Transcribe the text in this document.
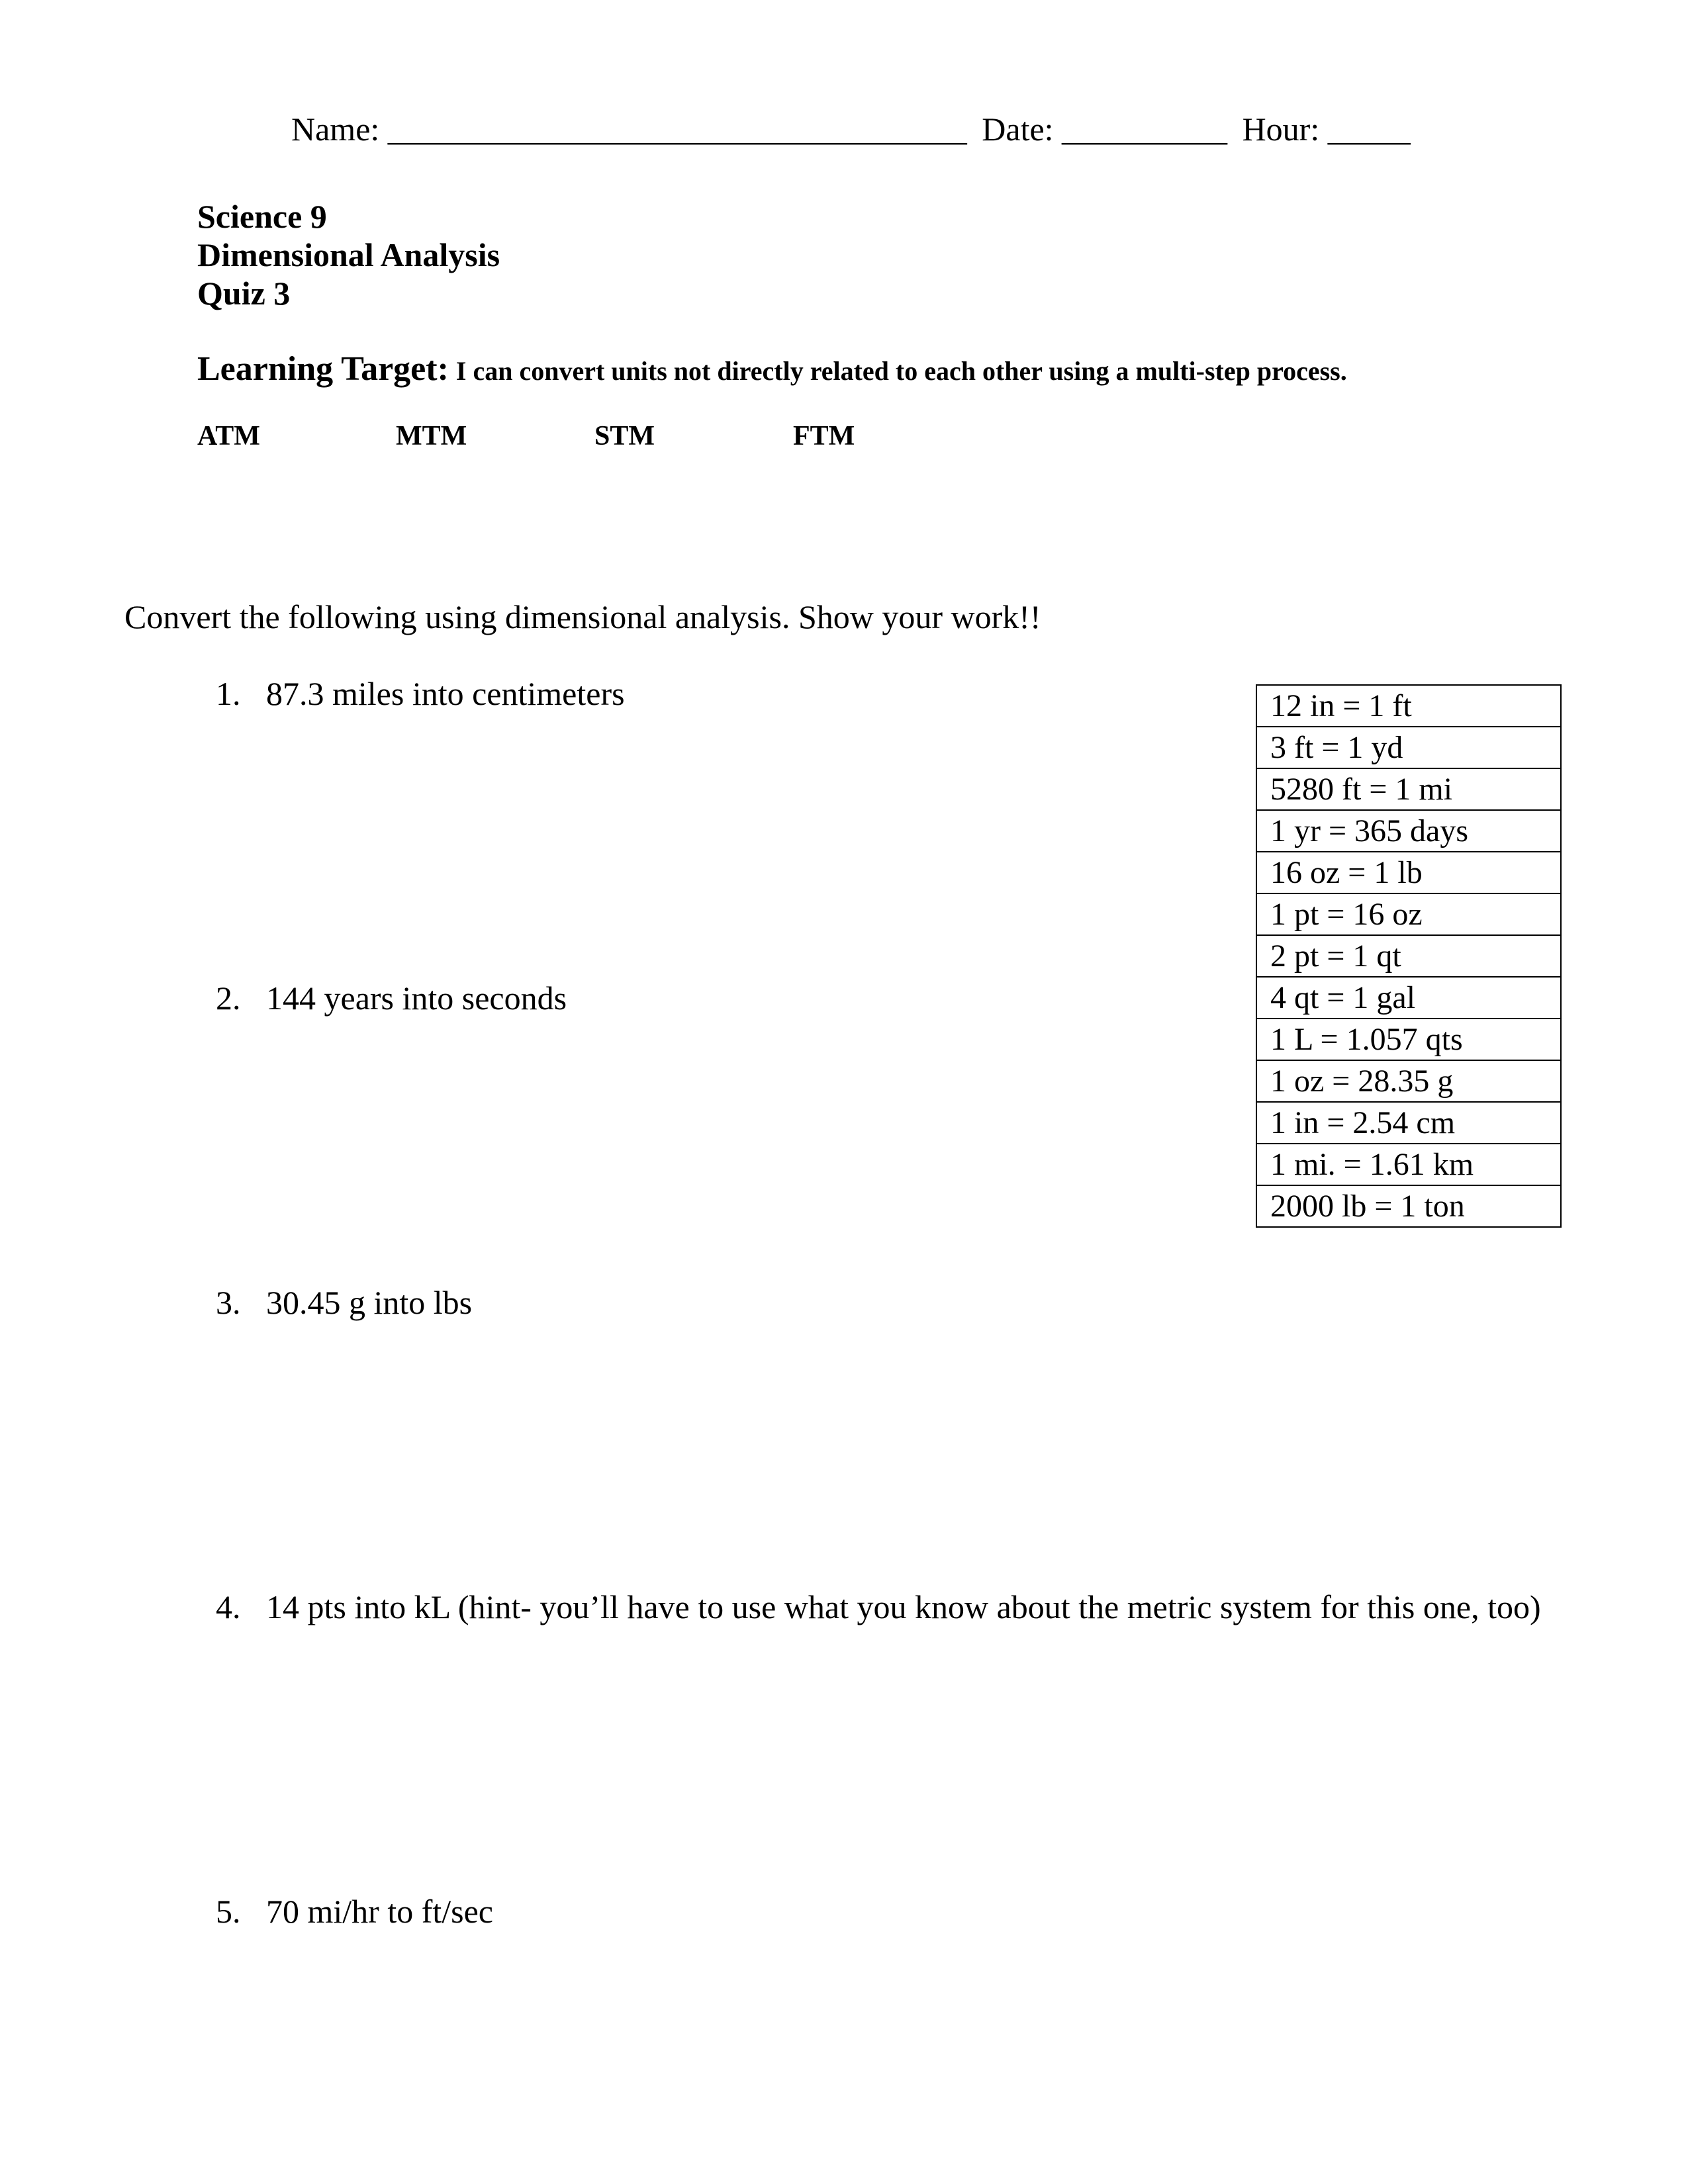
Name: ___________________________________ Date: __________ Hour: _____
Science 9
Dimensional Analysis
Quiz 3
Learning Target: I can convert units not directly related to each other using a multi-step process.
ATM	MTM	STM	FTM
Convert the following using dimensional analysis. Show your work!!
1. 87.3 miles into centimeters
2. 144 years into seconds
3. 30.45 g into lbs
4. 14 pts into kL (hint- you’ll have to use what you know about the metric system for this one, too)
5. 70 mi/hr to ft/sec
12 in = 1 ft
3 ft = 1 yd
5280 ft = 1 mi
1 yr = 365 days
16 oz = 1 lb
1 pt = 16 oz
2 pt = 1 qt
4 qt = 1 gal
1 L = 1.057 qts
1 oz = 28.35 g
1 in = 2.54 cm
1 mi. = 1.61 km
2000 lb = 1 ton
